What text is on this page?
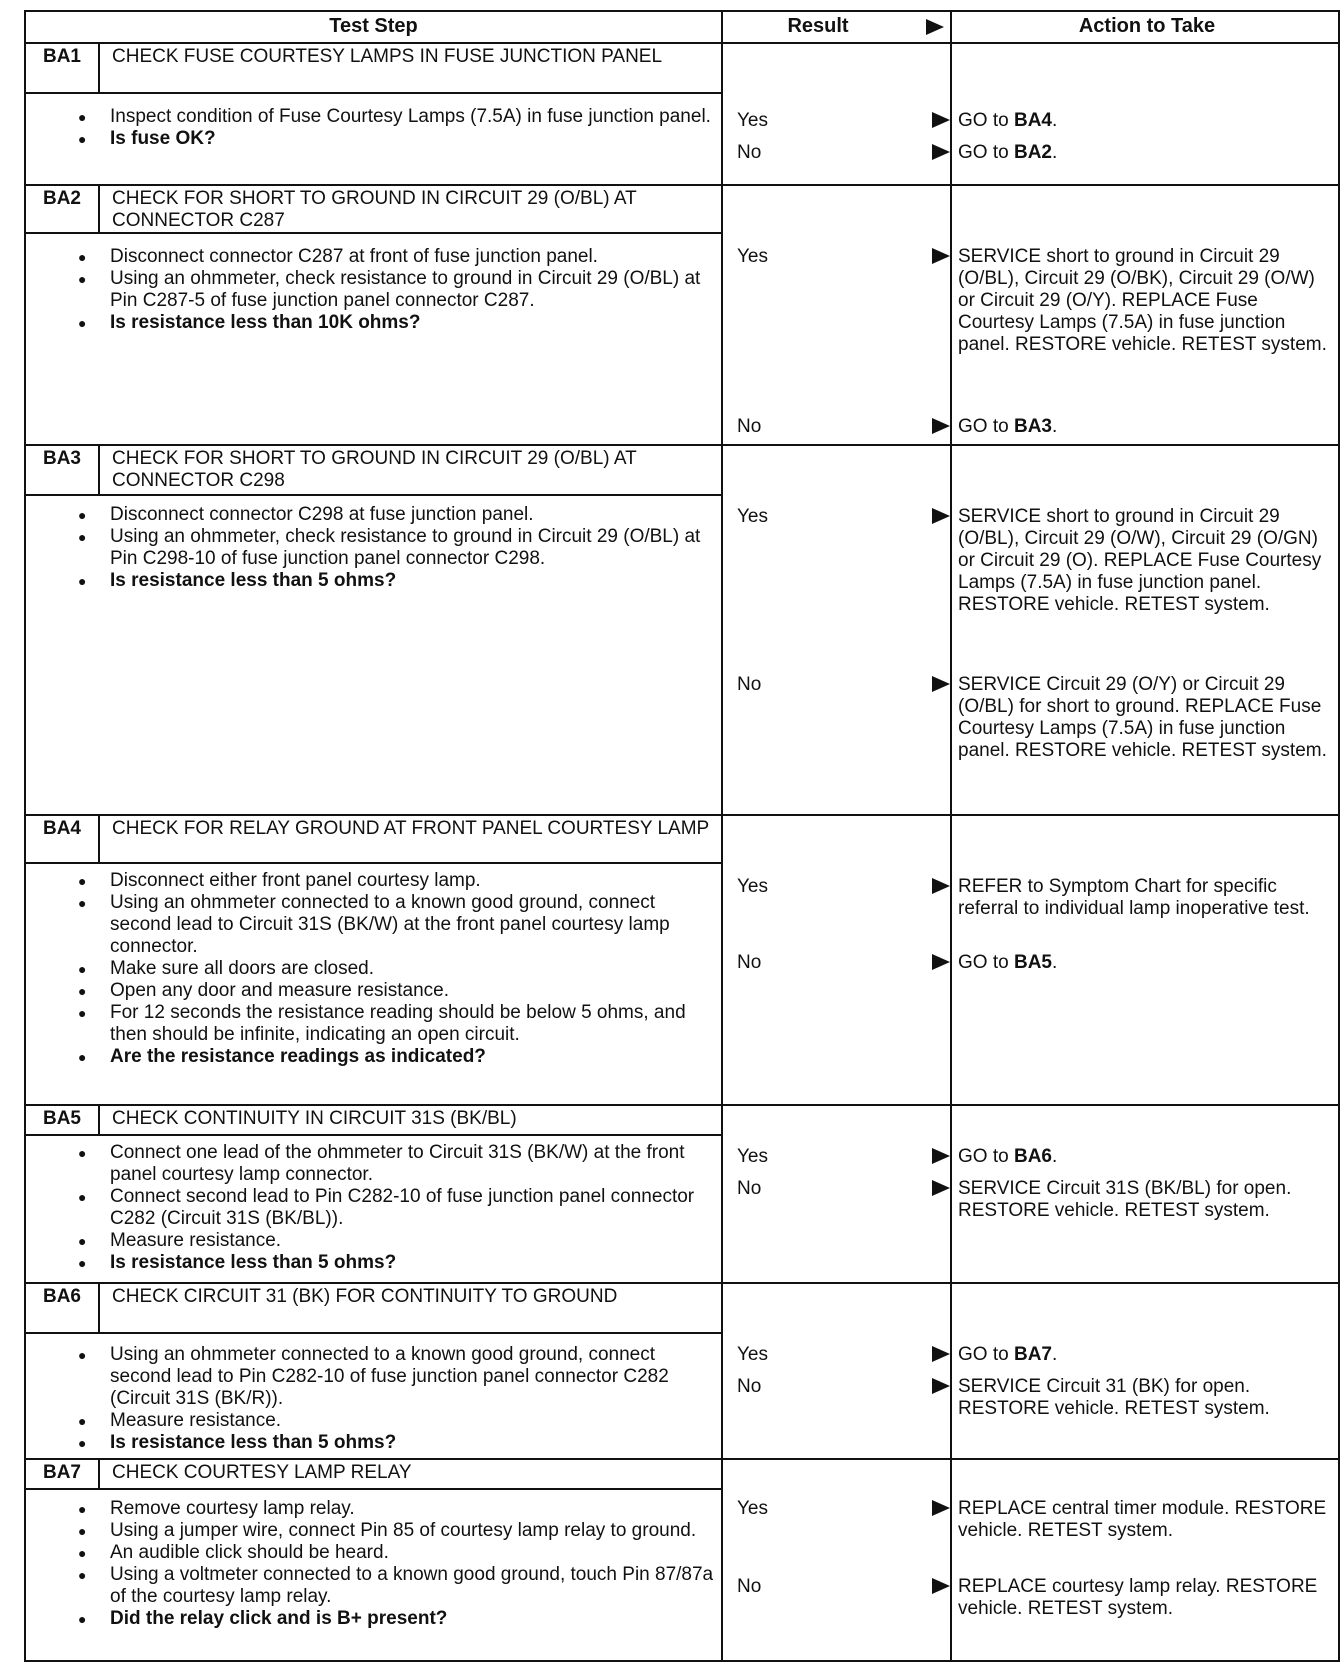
Test Step	Result	Action to Take
BA1	CHECK FUSE COURTESY LAMPS IN FUSE JUNCTION PANEL
● Inspect condition of Fuse Courtesy Lamps (7.5A) in fuse junction panel.
● Is fuse OK?
Yes	GO to BA4.
No	GO to BA2.
BA2	CHECK FOR SHORT TO GROUND IN CIRCUIT 29 (O/BL) AT CONNECTOR C287
● Disconnect connector C287 at front of fuse junction panel.
● Using an ohmmeter, check resistance to ground in Circuit 29 (O/BL) at Pin C287-5 of fuse junction panel connector C287.
● Is resistance less than 10K ohms?
Yes	SERVICE short to ground in Circuit 29 (O/BL), Circuit 29 (O/BK), Circuit 29 (O/W) or Circuit 29 (O/Y). REPLACE Fuse Courtesy Lamps (7.5A) in fuse junction panel. RESTORE vehicle. RETEST system.
No	GO to BA3.
BA3	CHECK FOR SHORT TO GROUND IN CIRCUIT 29 (O/BL) AT CONNECTOR C298
● Disconnect connector C298 at fuse junction panel.
● Using an ohmmeter, check resistance to ground in Circuit 29 (O/BL) at Pin C298-10 of fuse junction panel connector C298.
● Is resistance less than 5 ohms?
Yes	SERVICE short to ground in Circuit 29 (O/BL), Circuit 29 (O/W), Circuit 29 (O/GN) or Circuit 29 (O). REPLACE Fuse Courtesy Lamps (7.5A) in fuse junction panel. RESTORE vehicle. RETEST system.
No	SERVICE Circuit 29 (O/Y) or Circuit 29 (O/BL) for short to ground. REPLACE Fuse Courtesy Lamps (7.5A) in fuse junction panel. RESTORE vehicle. RETEST system.
BA4	CHECK FOR RELAY GROUND AT FRONT PANEL COURTESY LAMP
● Disconnect either front panel courtesy lamp.
● Using an ohmmeter connected to a known good ground, connect second lead to Circuit 31S (BK/W) at the front panel courtesy lamp connector.
● Make sure all doors are closed.
● Open any door and measure resistance.
● For 12 seconds the resistance reading should be below 5 ohms, and then should be infinite, indicating an open circuit.
● Are the resistance readings as indicated?
Yes	REFER to Symptom Chart for specific referral to individual lamp inoperative test.
No	GO to BA5.
BA5	CHECK CONTINUITY IN CIRCUIT 31S (BK/BL)
● Connect one lead of the ohmmeter to Circuit 31S (BK/W) at the front panel courtesy lamp connector.
● Connect second lead to Pin C282-10 of fuse junction panel connector C282 (Circuit 31S (BK/BL)).
● Measure resistance.
● Is resistance less than 5 ohms?
Yes	GO to BA6.
No	SERVICE Circuit 31S (BK/BL) for open. RESTORE vehicle. RETEST system.
BA6	CHECK CIRCUIT 31 (BK) FOR CONTINUITY TO GROUND
● Using an ohmmeter connected to a known good ground, connect second lead to Pin C282-10 of fuse junction panel connector C282 (Circuit 31S (BK/R)).
● Measure resistance.
● Is resistance less than 5 ohms?
Yes	GO to BA7.
No	SERVICE Circuit 31 (BK) for open. RESTORE vehicle. RETEST system.
BA7	CHECK COURTESY LAMP RELAY
● Remove courtesy lamp relay.
● Using a jumper wire, connect Pin 85 of courtesy lamp relay to ground.
● An audible click should be heard.
● Using a voltmeter connected to a known good ground, touch Pin 87/87a of the courtesy lamp relay.
● Did the relay click and is B+ present?
Yes	REPLACE central timer module. RESTORE vehicle. RETEST system.
No	REPLACE courtesy lamp relay. RESTORE vehicle. RETEST system.
